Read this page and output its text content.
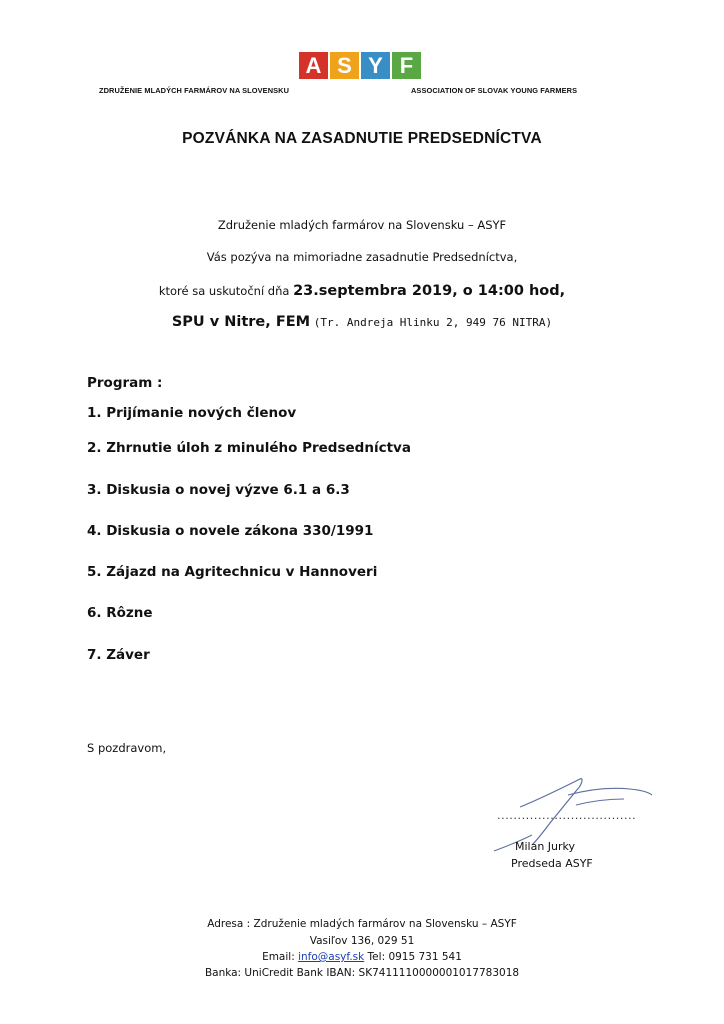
A S Y F
ZDRUŽENIE MLADÝCH FARMÁROV NA SLOVENSKU	ASSOCIATION OF SLOVAK YOUNG FARMERS
POZVÁNKA NA ZASADNUTIE PREDSEDNÍCTVA
Združenie mladých farmárov na Slovensku – ASYF
Vás pozýva na mimoriadne zasadnutie Predsedníctva,
ktoré sa uskutoční dňa 23.septembra 2019, o 14:00 hod,
SPU v Nitre, FEM (Tr. Andreja Hlinku 2, 949 76 NITRA)
Program :
1. Prijímanie nových členov
2. Zhrnutie úloh z minulého Predsedníctva
3. Diskusia o novej výzve 6.1 a 6.3
4. Diskusia o novele zákona 330/1991
5. Zájazd na Agritechnicu v Hannoveri
6. Rôzne
7. Záver
S pozdravom,
..................................
Milan Jurky
Predseda ASYF
Adresa : Združenie mladých farmárov na Slovensku – ASYF
Vasiľov 136, 029 51
Email: info@asyf.sk Tel: 0915 731 541
Banka: UniCredit Bank IBAN: SK7411110000001017783018
